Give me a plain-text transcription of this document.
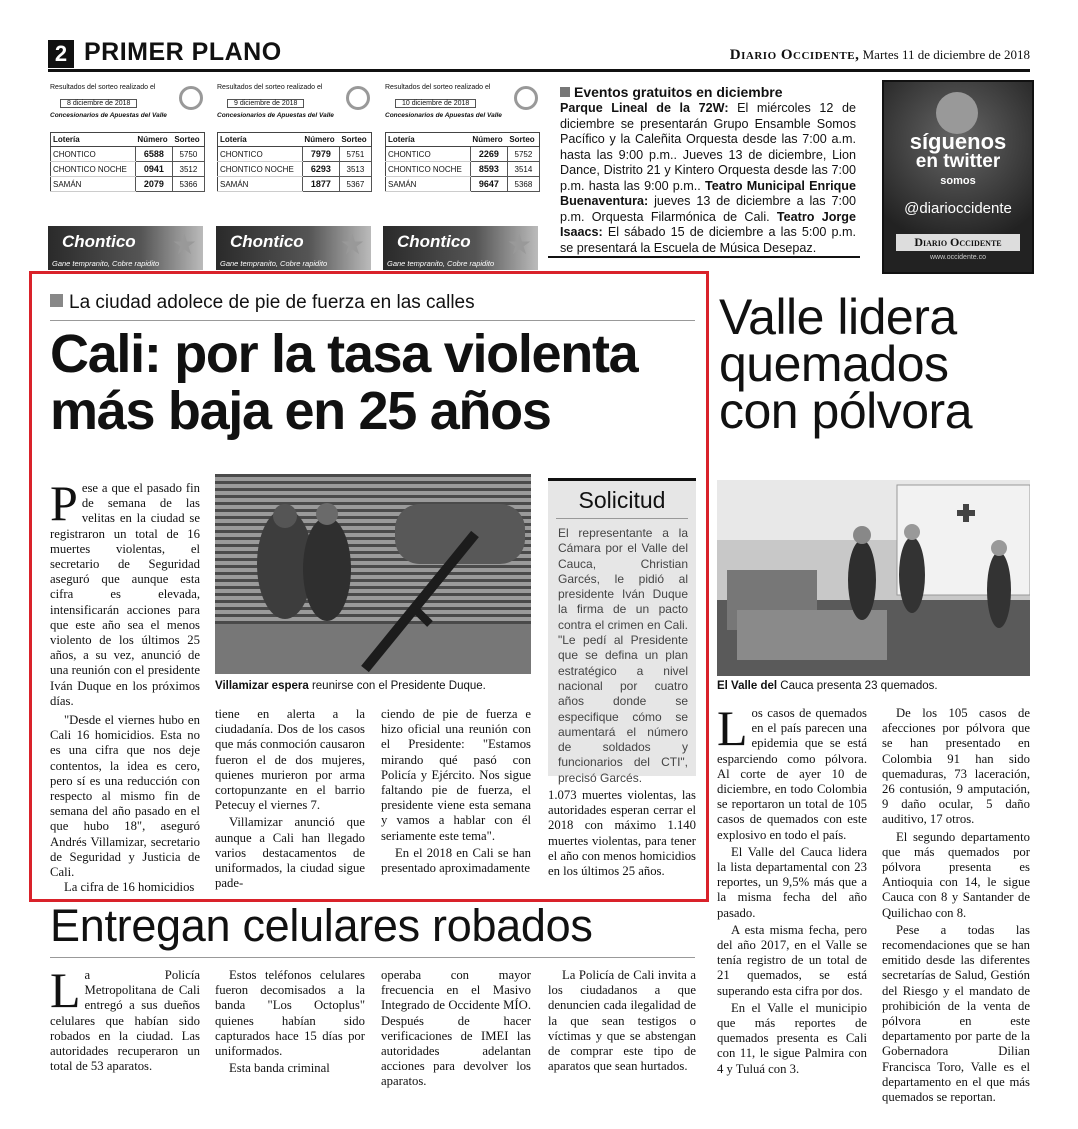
2 PRIMER PLANO	Diario Occidente, Martes 11 de diciembre de 2018
Resultados del sorteo realizado el
8 diciembre de 2018
Concesionarios de Apuestas del Valle
Lotería	Número	Sorteo
CHONTICO	6588	5750
CHONTICO NOCHE	0941	3512
SAMÁN	2079	5366
Resultados del sorteo realizado el
9 diciembre de 2018
Concesionarios de Apuestas del Valle
Lotería	Número	Sorteo
CHONTICO	7979	5751
CHONTICO NOCHE	6293	3513
SAMÁN	1877	5367
Resultados del sorteo realizado el
10 diciembre de 2018
Concesionarios de Apuestas del Valle
Lotería	Número	Sorteo
CHONTICO	2269	5752
CHONTICO NOCHE	8593	3514
SAMÁN	9647	5368
Chontico ★
Gane tempranito, Cobre rapidito
Chontico ★
Gane tempranito, Cobre rapidito
Chontico ★
Gane tempranito, Cobre rapidito
Eventos gratuitos en diciembre

Parque Lineal de la 72W: El miércoles 12 de diciembre se presentarán Grupo Ensamble Somos Pacífico y la Caleñita Orquesta desde las 7:00 a.m. hasta las 9:00 p.m.. Jueves 13 de diciembre, Lion Dance, Distrito 21 y Kintero Orquesta desde las 7:00 p.m. hasta las 9:00 p.m.. Teatro Municipal Enrique Buenaventura: jueves 13 de diciembre a las 7:00 p.m. Orquesta Filarmónica de Cali. Teatro Jorge Isaacs: El sábado 15 de diciembre a las 5:00 p.m. se presentará la Escuela de Música Desepaz.

síguenos
en twitter
somos
@diarioccidente
Diario Occidente
www.occidente.co
La ciudad adolece de pie de fuerza en las calles
Cali: por la tasa violenta más baja en 25 años

Pese a que el pasado fin de semana de las velitas en la ciudad se registraron un total de 16 muertes violentas, el secretario de Seguridad aseguró que aunque esta cifra es elevada, intensificarán acciones para que este año sea el menos violento de los últimos 25 años, a su vez, anunció de una reunión con el presidente Iván Duque en los próximos días.

"Desde el viernes hubo en Cali 16 homicidios. Esta no es una cifra que nos deje contentos, la idea es cero, pero sí es una reducción con respecto al mismo fin de semana del año pasado en el que hubo 18", aseguró Andrés Villamizar, secretario de Seguridad y Justicia de Cali.

La cifra de 16 homicidios

Villamizar espera reunirse con el Presidente Duque.

tiene en alerta a la ciudadanía. Dos de los casos que más conmoción causaron fueron el de dos mujeres, quienes murieron por arma cortopunzante en el barrio Petecuy el viernes 7.

Villamizar anunció que aunque a Cali han llegado varios destacamentos de uniformados, la ciudad sigue pade-

ciendo de pie de fuerza e hizo oficial una reunión con el Presidente: "Estamos mirando qué pasó con Policía y Ejército. Nos sigue faltando pie de fuerza, el presidente viene esta semana y vamos a hablar con él seriamente este tema".

En el 2018 en Cali se han presentado aproximadamente

Solicitud
El representante a la Cámara por el Valle del Cauca, Christian Garcés, le pidió al presidente Iván Duque la firma de un pacto contra el crimen en Cali. "Le pedí al Presidente que se defina un plan estratégico a nivel nacional por cuatro años donde se especifique cómo se aumentará el número de soldados y funcionarios del CTI", precisó Garcés.

1.073 muertes violentas, las autoridades esperan cerrar el 2018 con máximo 1.140 muertes violentas, para tener el año con menos homicidios en los últimos 25 años.

Valle lidera quemados con pólvora
El Valle del Cauca presenta 23 quemados.

Los casos de quemados en el país parecen una epidemia que se está esparciendo como pólvora. Al corte de ayer 10 de diciembre, en todo Colombia se reportaron un total de 105 casos de quemados con este explosivo en todo el país.

El Valle del Cauca lidera la lista departamental con 23 reportes, un 9,5% más que a la misma fecha del año pasado.

A esta misma fecha, pero del año 2017, en el Valle se tenía registro de un total de 21 quemados, se está superando esta cifra por dos.

En el Valle el municipio que más reportes de quemados presenta es Cali con 11, le sigue Palmira con 4 y Tuluá con 3.

De los 105 casos de afecciones por pólvora que se han presentado en Colombia 91 han sido quemaduras, 73 laceración, 26 contusión, 9 amputación, 9 daño ocular, 5 daño auditivo, 17 otros.

El segundo departamento que más quemados por pólvora presenta es Antioquia con 14, le sigue Cauca con 8 y Santander de Quilichao con 8.

Pese a todas las recomendaciones que se han emitido desde las diferentes secretarías de Salud, Gestión del Riesgo y el mandato de prohibición de la venta de pólvora en este departamento por parte de la Gobernadora Dilian Francisca Toro, Valle es el departamento en el que más quemados se reportan.

Entregan celulares robados

La Policía Metropolitana de Cali entregó a sus dueños celulares que habían sido robados en la ciudad. Las autoridades recuperaron un total de 53 aparatos.

Estos teléfonos celulares fueron decomisados a la banda "Los Octoplus" quienes habían sido capturados hace 15 días por uniformados.

Esta banda criminal

operaba con mayor frecuencia en el Masivo Integrado de Occidente MÍO. Después de hacer verificaciones de IMEI las autoridades adelantan acciones para devolver los aparatos.

La Policía de Cali invita a los ciudadanos a que denuncien cada ilegalidad de la que sean testigos o víctimas y que se abstengan de comprar este tipo de aparatos que sean hurtados.
